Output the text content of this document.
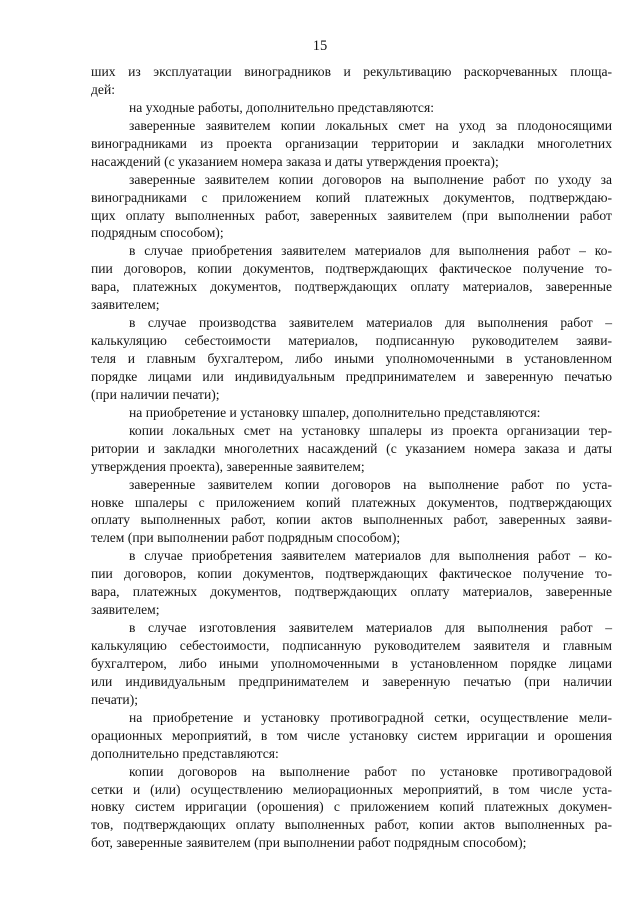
15
ших из эксплуатации виноградников и рекультивацию раскорчеванных площа-
дей:
на уходные работы, дополнительно представляются:
заверенные заявителем копии локальных смет на уход за плодоносящими
виноградниками из проекта организации территории и закладки многолетних
насаждений (с указанием номера заказа и даты утверждения проекта);
заверенные заявителем копии договоров на выполнение работ по уходу за
виноградниками с приложением копий платежных документов, подтверждаю-
щих оплату выполненных работ, заверенных заявителем (при выполнении работ
подрядным способом);
в случае приобретения заявителем материалов для выполнения работ – ко-
пии договоров, копии документов, подтверждающих фактическое получение то-
вара, платежных документов, подтверждающих оплату материалов, заверенные
заявителем;
в случае производства заявителем материалов для выполнения работ –
калькуляцию себестоимости материалов, подписанную руководителем заяви-
теля и главным бухгалтером, либо иными уполномоченными в установленном
порядке лицами или индивидуальным предпринимателем и заверенную печатью
(при наличии печати);
на приобретение и установку шпалер, дополнительно представляются:
копии локальных смет на установку шпалеры из проекта организации тер-
ритории и закладки многолетних насаждений (с указанием номера заказа и даты
утверждения проекта), заверенные заявителем;
заверенные заявителем копии договоров на выполнение работ по уста-
новке шпалеры с приложением копий платежных документов, подтверждающих
оплату выполненных работ, копии актов выполненных работ, заверенных заяви-
телем (при выполнении работ подрядным способом);
в случае приобретения заявителем материалов для выполнения работ – ко-
пии договоров, копии документов, подтверждающих фактическое получение то-
вара, платежных документов, подтверждающих оплату материалов, заверенные
заявителем;
в случае изготовления заявителем материалов для выполнения работ –
калькуляцию себестоимости, подписанную руководителем заявителя и главным
бухгалтером, либо иными уполномоченными в установленном порядке лицами
или индивидуальным предпринимателем и заверенную печатью (при наличии
печати);
на приобретение и установку противоградной сетки, осуществление мели-
орационных мероприятий, в том числе установку систем ирригации и орошения
дополнительно представляются:
копии договоров на выполнение работ по установке противоградовой
сетки и (или) осуществлению мелиорационных мероприятий, в том числе уста-
новку систем ирригации (орошения) с приложением копий платежных докумен-
тов, подтверждающих оплату выполненных работ, копии актов выполненных ра-
бот, заверенные заявителем (при выполнении работ подрядным способом);
